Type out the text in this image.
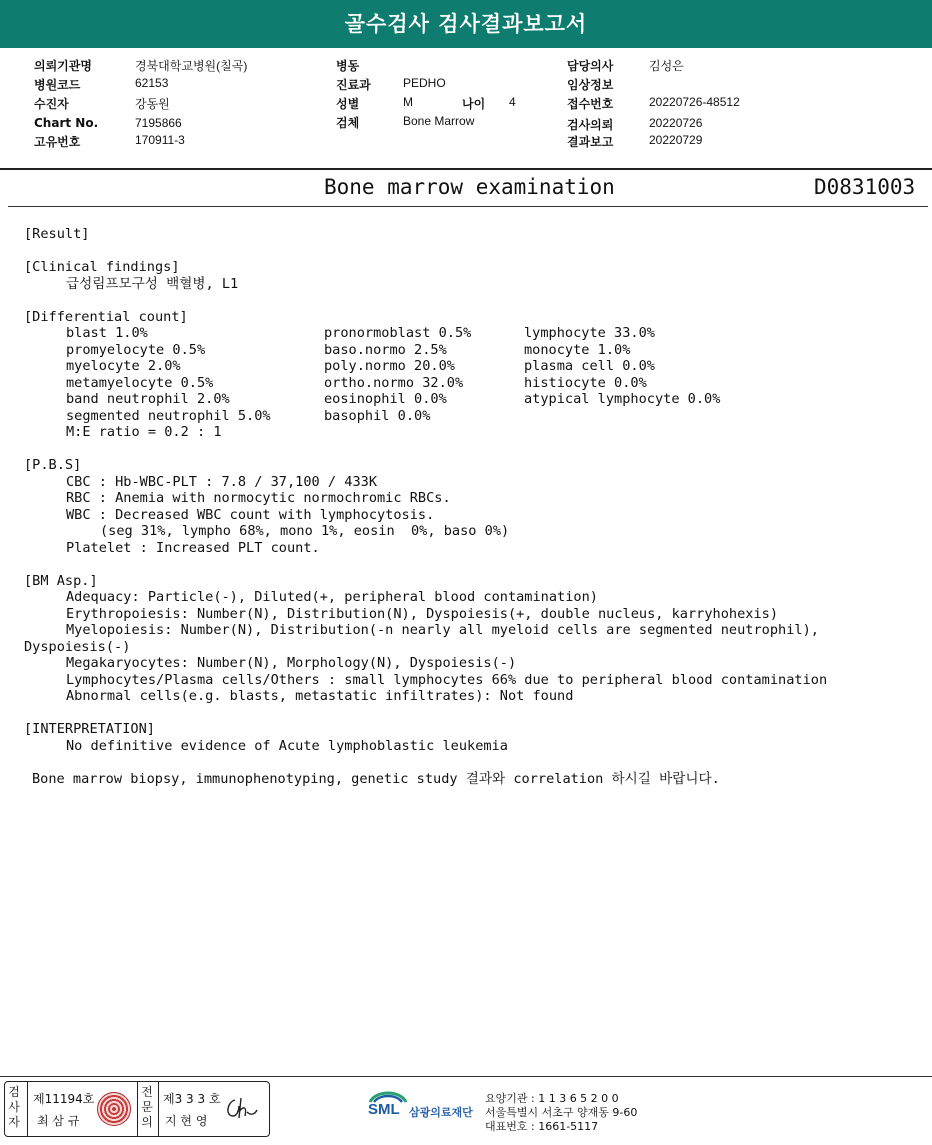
골수검사 검사결과보고서
의뢰기관명	경북대학교병원(칠곡)
병원코드	62153
수진자	강동원
Chart No.	7195866
고유번호	170911-3
병동
진료과	PEDHO
성별	M	나이 4
검체	Bone Marrow
담당의사	김성은
임상정보
접수번호	20220726-48512
검사의뢰	20220726
결과보고	20220729
Bone marrow examination	D0831003
[Result]
[Clinical findings]
급성림프모구성 백혈병, L1
[Differential count]
blast 1.0%	pronormoblast 0.5%	lymphocyte 33.0%
promyelocyte 0.5%	baso.normo 2.5%	monocyte 1.0%
myelocyte 2.0%	poly.normo 20.0%	plasma cell 0.0%
metamyelocyte 0.5%	ortho.normo 32.0%	histiocyte 0.0%
band neutrophil 2.0%	eosinophil 0.0%	atypical lymphocyte 0.0%
segmented neutrophil 5.0%	basophil 0.0%
M:E ratio = 0.2 : 1
[P.B.S]
CBC : Hb-WBC-PLT : 7.8 / 37,100 / 433K
RBC : Anemia with normocytic normochromic RBCs.
WBC : Decreased WBC count with lymphocytosis.
(seg 31%, lympho 68%, mono 1%, eosin  0%, baso 0%)
Platelet : Increased PLT count.
[BM Asp.]
Adequacy: Particle(-), Diluted(+, peripheral blood contamination)
Erythropoiesis: Number(N), Distribution(N), Dyspoiesis(+, double nucleus, karryhohexis)
Myelopoiesis: Number(N), Distribution(-n nearly all myeloid cells are segmented neutrophil),
Dyspoiesis(-)
Megakaryocytes: Number(N), Morphology(N), Dyspoiesis(-)
Lymphocytes/Plasma cells/Others : small lymphocytes 66% due to peripheral blood contamination
Abnormal cells(e.g. blasts, metastatic infiltrates): Not found
[INTERPRETATION]
No definitive evidence of Acute lymphoblastic leukemia
Bone marrow biopsy, immunophenotyping, genetic study 결과와 correlation 하시길 바랍니다.
검사자
제11194호
최 삼 규
전문의
제3 3 3 호
지 현 영
SML 삼광의료재단
요양기관 : 1 1 3 6 5 2 0 0
서울특별시 서초구 양재동 9-60
대표번호 : 1661-5117
